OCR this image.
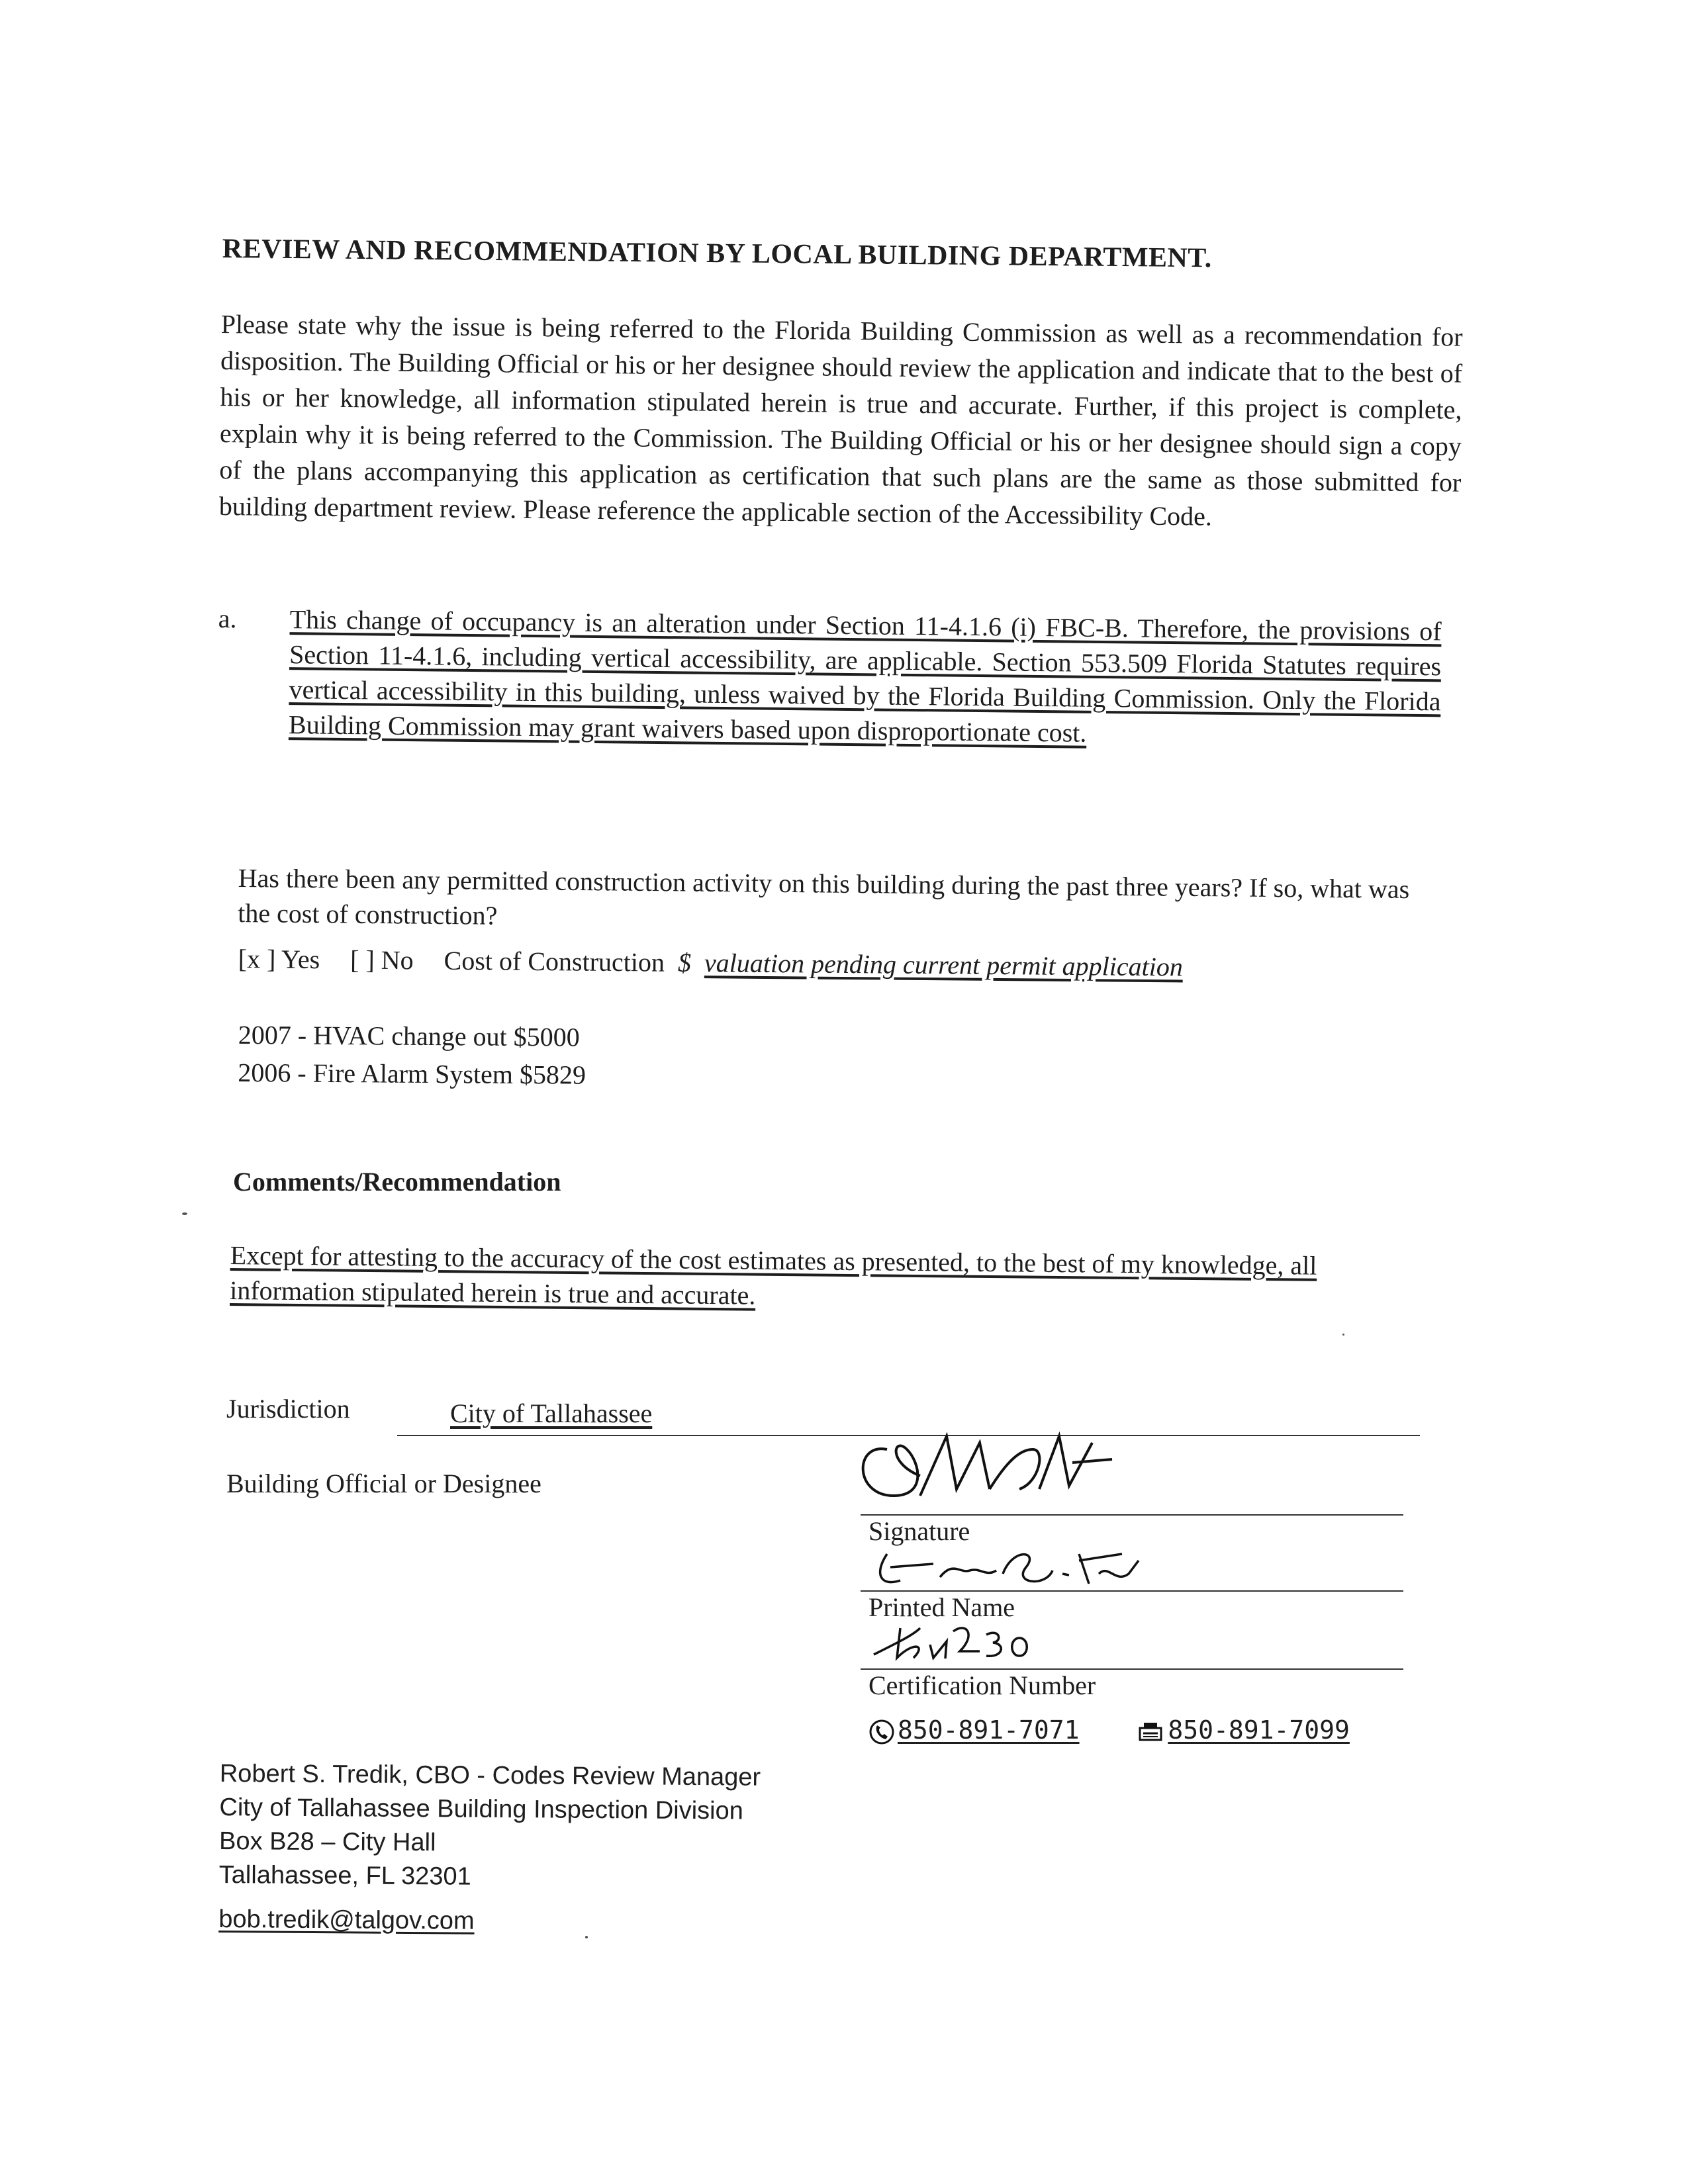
REVIEW AND RECOMMENDATION BY LOCAL BUILDING DEPARTMENT.
Please state why the issue is being referred to the Florida Building Commission as well as a recommendation for disposition. The Building Official or his or her designee should review the application and indicate that to the best of his or her knowledge, all information stipulated herein is true and accurate. Further, if this project is complete, explain why it is being referred to the Commission. The Building Official or his or her designee should sign a copy of the plans accompanying this application as certification that such plans are the same as those submitted for building department review. Please reference the applicable section of the Accessibility Code.
a. This change of occupancy is an alteration under Section 11-4.1.6 (i) FBC-B. Therefore, the provisions of Section 11-4.1.6, including vertical accessibility, are applicable. Section 553.509 Florida Statutes requires vertical accessibility in this building, unless waived by the Florida Building Commission. Only the Florida Building Commission may grant waivers based upon disproportionate cost.
Has there been any permitted construction activity on this building during the past three years? If so, what was the cost of construction?
[x ] Yes [ ] No Cost of Construction $ valuation pending current permit application
2007 - HVAC change out $5000
2006 - Fire Alarm System $5829
Comments/Recommendation
Except for attesting to the accuracy of the cost estimates as presented, to the best of my knowledge, all information stipulated herein is true and accurate.
Jurisdiction	City of Tallahassee
Building Official or Designee
Signature
Printed Name
Certification Number
850-891-7071	850-891-7099
Robert S. Tredik, CBO - Codes Review Manager
City of Tallahassee Building Inspection Division
Box B28 – City Hall
Tallahassee, FL 32301
bob.tredik@talgov.com
